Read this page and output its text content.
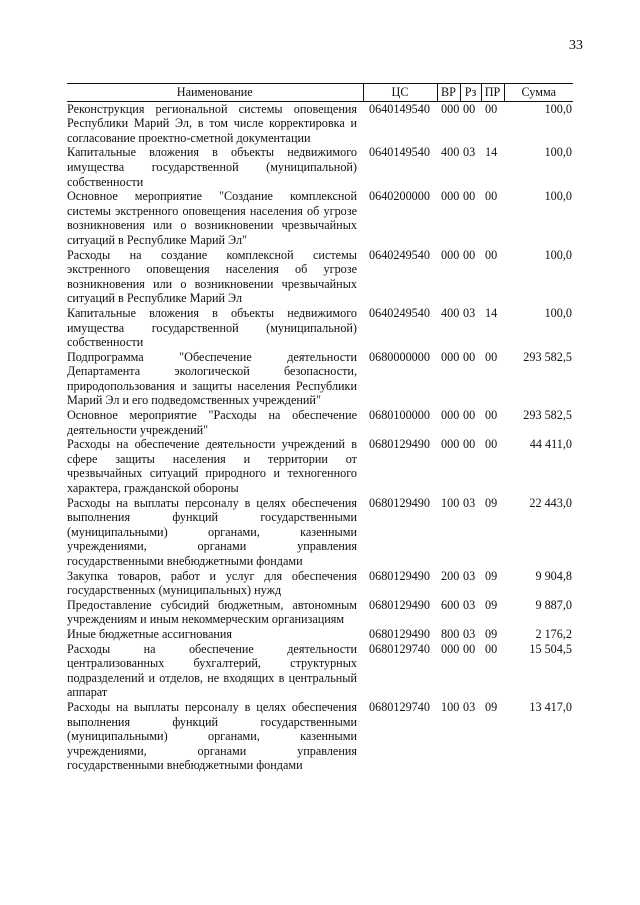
33
Наименование	ЦС	ВР	Рз	ПР	Сумма
Реконструкция региональной системы оповещения Республики Марий Эл, в том числе корректировка и согласование проектно-сметной документации	0640149540	000	00	00	100,0
Капитальные вложения в объекты недвижимого имущества государственной (муниципальной) собственности	0640149540	400	03	14	100,0
Основное мероприятие "Создание комплексной системы экстренного оповещения населения об угрозе возникновения или о возникновении чрезвычайных ситуаций в Республике Марий Эл"	0640200000	000	00	00	100,0
Расходы на создание комплексной системы экстренного оповещения населения об угрозе возникновения или о возникновении чрезвычайных ситуаций в Республике Марий Эл	0640249540	000	00	00	100,0
Капитальные вложения в объекты недвижимого имущества государственной (муниципальной) собственности	0640249540	400	03	14	100,0
Подпрограмма "Обеспечение деятельности Департамента экологической безопасности, природопользования и защиты населения Республики Марий Эл и его подведомственных учреждений"	0680000000	000	00	00	293 582,5
Основное мероприятие "Расходы на обеспечение деятельности учреждений"	0680100000	000	00	00	293 582,5
Расходы на обеспечение деятельности учреждений в сфере защиты населения и территории от чрезвычайных ситуаций природного и техногенного характера, гражданской обороны	0680129490	000	00	00	44 411,0
Расходы на выплаты персоналу в целях обеспечения выполнения функций государственными (муниципальными) органами, казенными учреждениями, органами управления государственными внебюджетными фондами	0680129490	100	03	09	22 443,0
Закупка товаров, работ и услуг для обеспечения государственных (муниципальных) нужд	0680129490	200	03	09	9 904,8
Предоставление субсидий бюджетным, автономным учреждениям и иным некоммерческим организациям	0680129490	600	03	09	9 887,0
Иные бюджетные ассигнования	0680129490	800	03	09	2 176,2
Расходы на обеспечение деятельности централизованных бухгалтерий, структурных подразделений и отделов, не входящих в центральный аппарат	0680129740	000	00	00	15 504,5
Расходы на выплаты персоналу в целях обеспечения выполнения функций государственными (муниципальными) органами, казенными учреждениями, органами управления государственными внебюджетными фондами	0680129740	100	03	09	13 417,0
